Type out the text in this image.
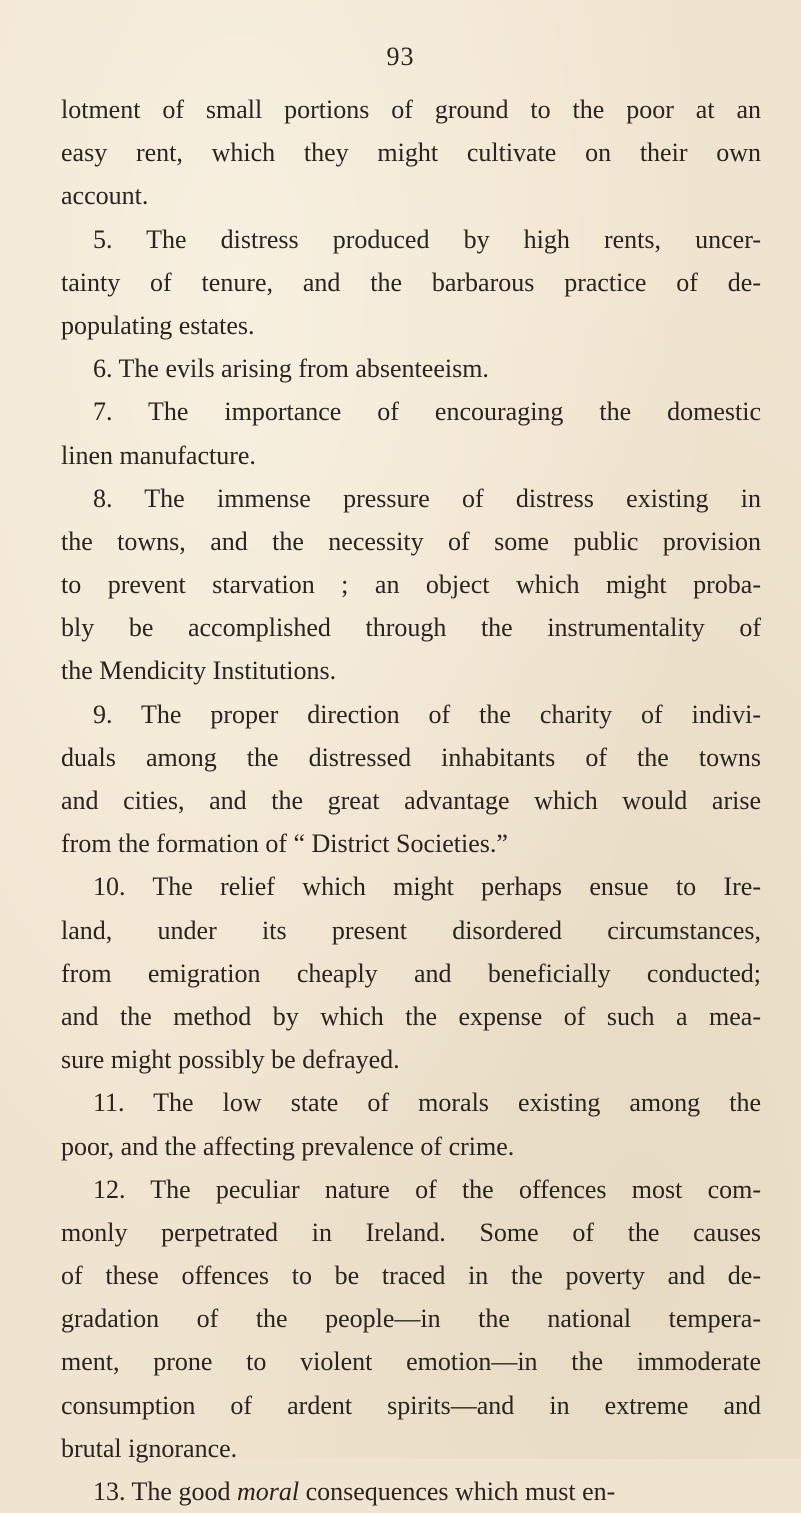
93
lotment of small portions of ground to the poor at an
easy rent, which they might cultivate on their own
account.
5. The distress produced by high rents, uncer-
tainty of tenure, and the barbarous practice of de-
populating estates.
6. The evils arising from absenteeism.
7. The importance of encouraging the domestic
linen manufacture.
8. The immense pressure of distress existing in
the towns, and the necessity of some public provision
to prevent starvation ; an object which might proba-
bly be accomplished through the instrumentality of
the Mendicity Institutions.
9. The proper direction of the charity of indivi-
duals among the distressed inhabitants of the towns
and cities, and the great advantage which would arise
from the formation of “ District Societies.”
10. The relief which might perhaps ensue to Ire-
land, under its present disordered circumstances,
from emigration cheaply and beneficially conducted;
and the method by which the expense of such a mea-
sure might possibly be defrayed.
11. The low state of morals existing among the
poor, and the affecting prevalence of crime.
12. The peculiar nature of the offences most com-
monly perpetrated in Ireland. Some of the causes
of these offences to be traced in the poverty and de-
gradation of the people—in the national tempera-
ment, prone to violent emotion—in the immoderate
consumption of ardent spirits—and in extreme and
brutal ignorance.
13. The good moral consequences which must en-
